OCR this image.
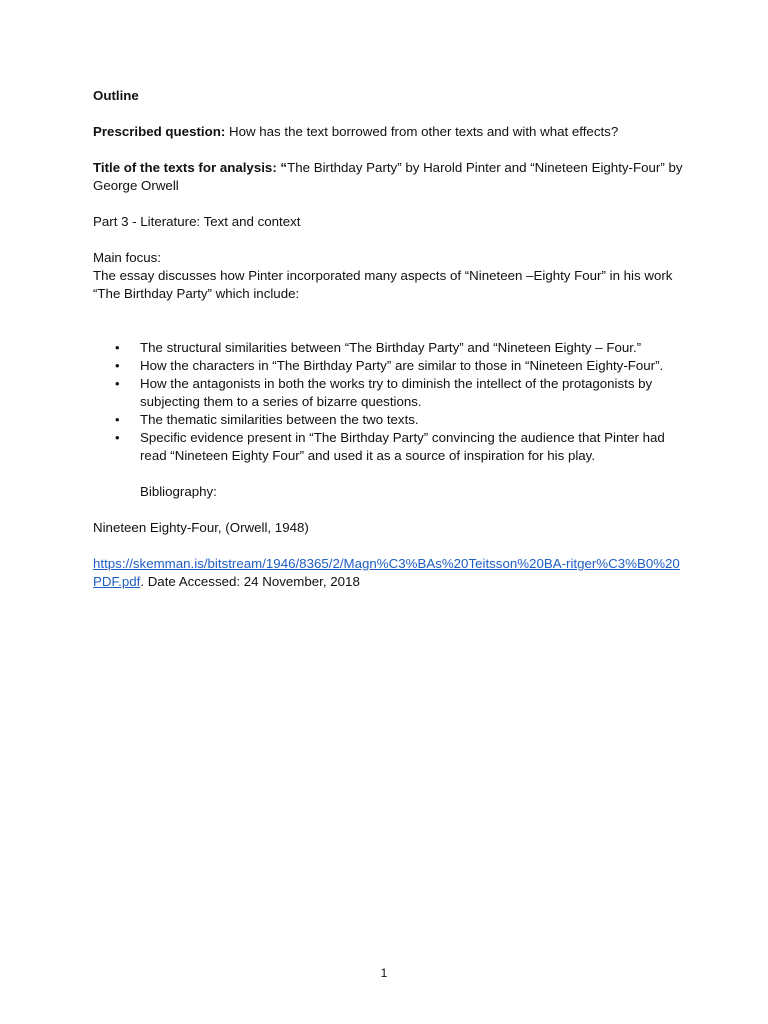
Outline

Prescribed question: How has the text borrowed from other texts and with what effects?

Title of the texts for analysis: “The Birthday Party” by Harold Pinter and “Nineteen Eighty-Four” by George Orwell

Part 3 - Literature: Text and context

Main focus:
The essay discusses how Pinter incorporated many aspects of “Nineteen –Eighty Four” in his work “The Birthday Party” which include:
• The structural similarities between “The Birthday Party” and “Nineteen Eighty – Four.”
• How the characters in “The Birthday Party” are similar to those in “Nineteen Eighty-Four”.
• How the antagonists in both the works try to diminish the intellect of the protagonists by subjecting them to a series of bizarre questions.
• The thematic similarities between the two texts.
• Specific evidence present in “The Birthday Party” convincing the audience that Pinter had read “Nineteen Eighty Four” and used it as a source of inspiration for his play.

Bibliography:

Nineteen Eighty-Four, (Orwell, 1948)

https://skemman.is/bitstream/1946/8365/2/Magn%C3%BAs%20Teitsson%20BA-ritger%C3%B0%20PDF.pdf. Date Accessed: 24 November, 2018

1
